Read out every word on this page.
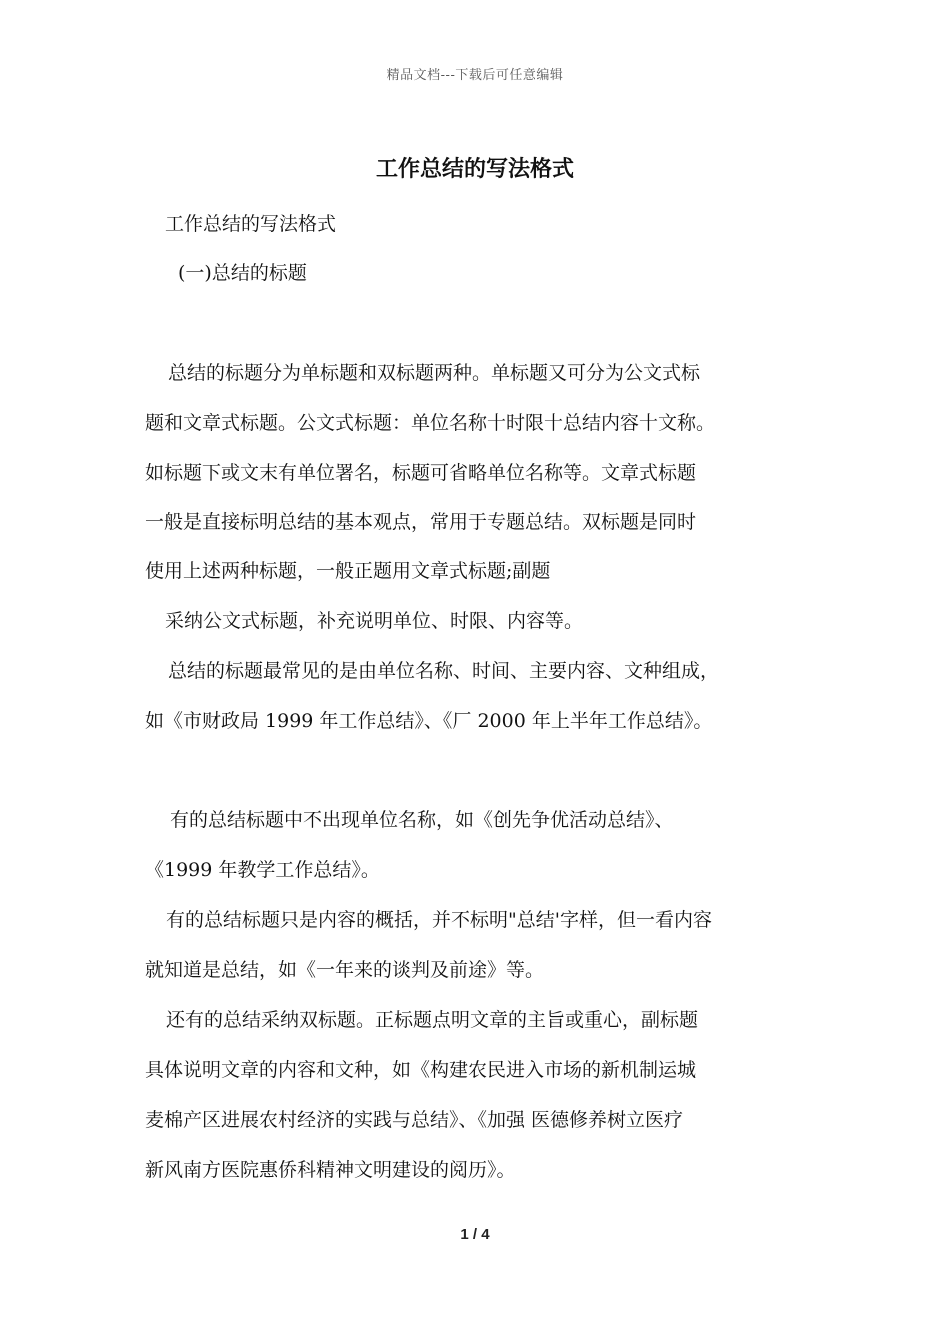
精品文档---下载后可任意编辑
工作总结的写法格式
工作总结的写法格式
(一)总结的标题
总结的标题分为单标题和双标题两种。单标题又可分为公文式标
题和文章式标题。公文式标题：单位名称十时限十总结内容十文称。
如标题下或文末有单位署名，标题可省略单位名称等。文章式标题
一般是直接标明总结的基本观点，常用于专题总结。双标题是同时
使用上述两种标题，一般正题用文章式标题;副题
采纳公文式标题，补充说明单位、时限、内容等。
总结的标题最常见的是由单位名称、时间、主要内容、文种组成，
如《市财政局 1999 年工作总结》、《厂 2000 年上半年工作总结》。
有的总结标题中不出现单位名称，如《创先争优活动总结》、
《1999 年教学工作总结》。
有的总结标题只是内容的概括，并不标明"总结'字样，但一看内容
就知道是总结，如《一年来的谈判及前途》等。
还有的总结采纳双标题。正标题点明文章的主旨或重心，副标题
具体说明文章的内容和文种，如《构建农民进入市场的新机制运城
麦棉产区进展农村经济的实践与总结》、《加强 医德修养树立医疗
新风南方医院惠侨科精神文明建设的阅历》。
1 / 4
